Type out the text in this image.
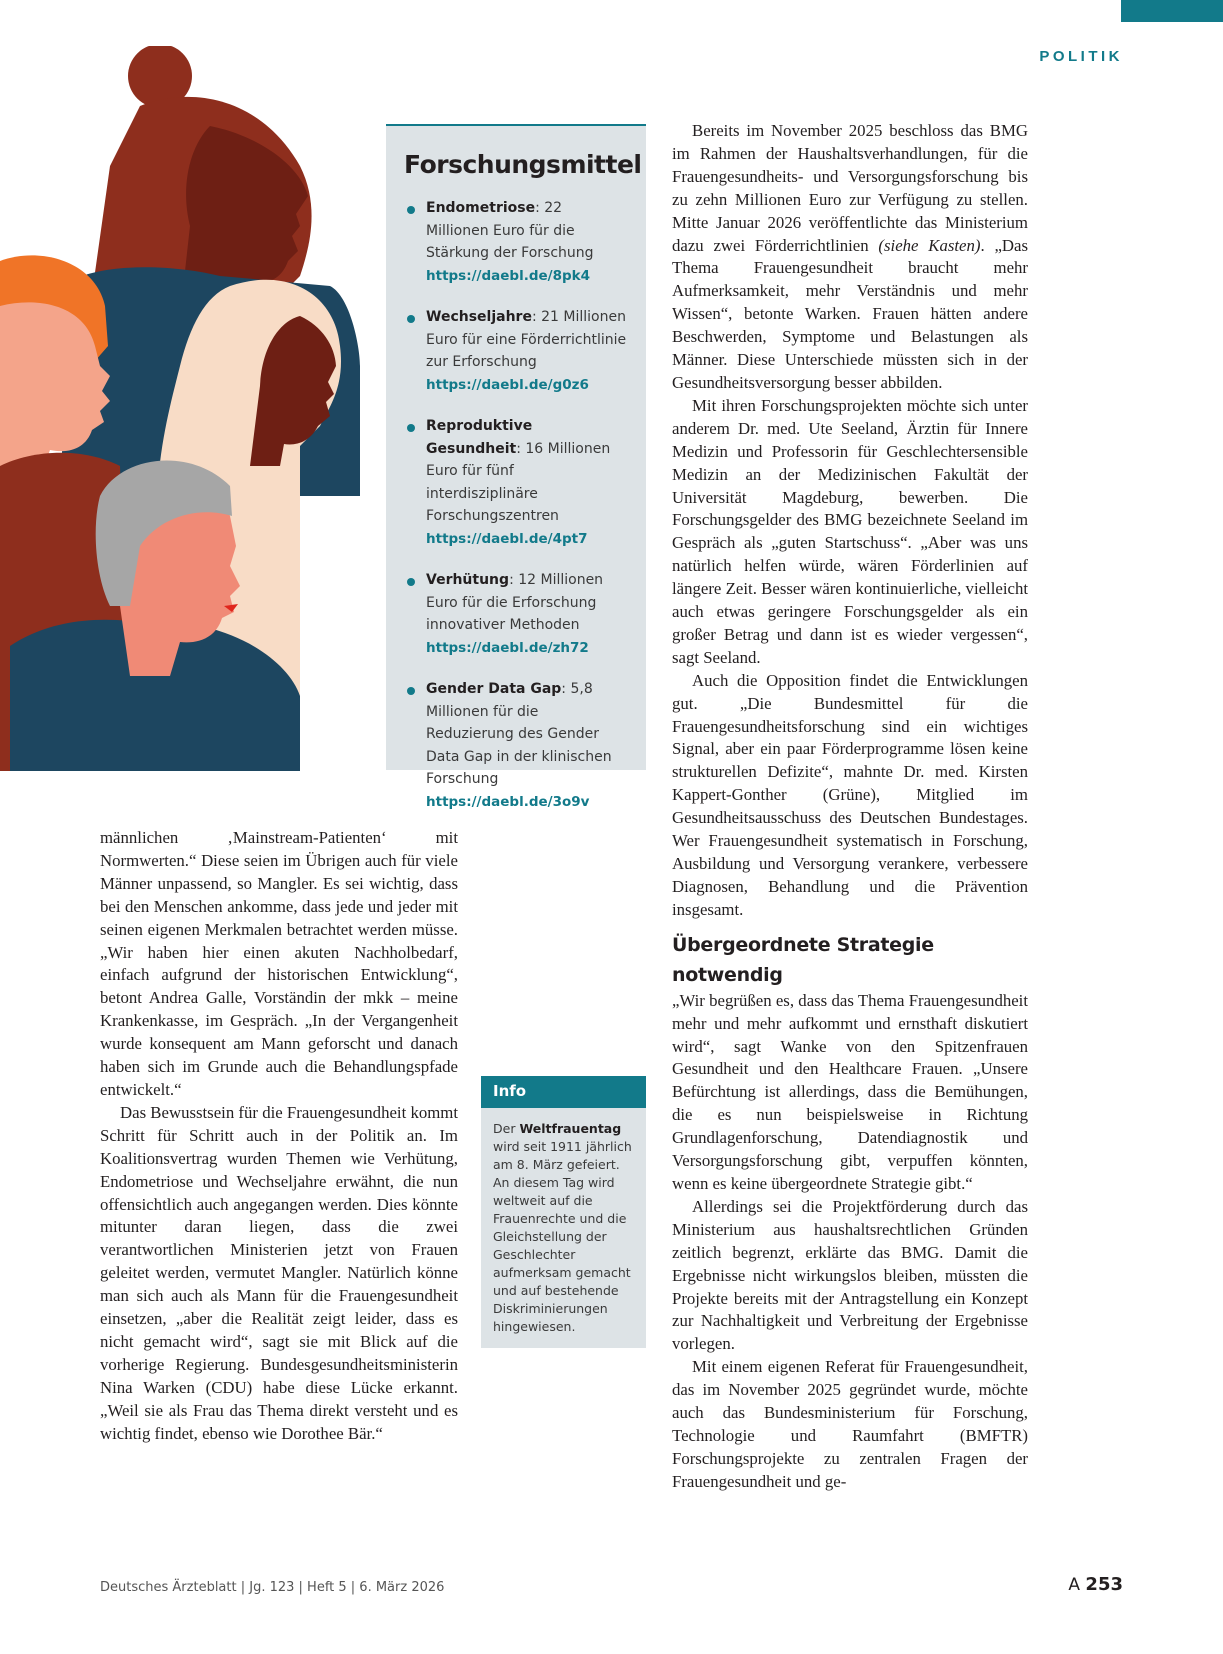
POLITIK
Forschungsmittel
Endometriose: 22 Millionen Euro für die Stärkung der Forschung
https://daebl.de/8pk4
Wechseljahre: 21 Millionen Euro für eine Förderrichtlinie zur Erforschung
https://daebl.de/g0z6
Reproduktive Gesundheit: 16 Millionen Euro für fünf interdisziplinäre Forschungszentren
https://daebl.de/4pt7
Verhütung: 12 Millionen Euro für die Erforschung innovativer Methoden
https://daebl.de/zh72
Gender Data Gap: 5,8 Millionen für die Reduzierung des Gender Data Gap in der klinischen Forschung
https://daebl.de/3o9v

männlichen ‚Mainstream-Patienten‘ mit Normwerten.“ Diese seien im Übrigen auch für viele Männer unpassend, so Mangler. Es sei wichtig, dass bei den Menschen ankomme, dass jede und jeder mit seinen eigenen Merkmalen betrachtet werden müsse. „Wir haben hier einen akuten Nachholbedarf, einfach aufgrund der historischen Entwicklung“, betont Andrea Galle, Vorständin der mkk – meine Krankenkasse, im Gespräch. „In der Vergangenheit wurde konsequent am Mann geforscht und danach haben sich im Grunde auch die Behandlungspfade entwickelt.“

Das Bewusstsein für die Frauengesundheit kommt Schritt für Schritt auch in der Politik an. Im Koalitionsvertrag wurden Themen wie Verhütung, Endometriose und Wechseljahre erwähnt, die nun offensichtlich auch angegangen werden. Dies könnte mitunter daran liegen, dass die zwei verantwortlichen Ministerien jetzt von Frauen geleitet werden, vermutet Mangler. Natürlich könne man sich auch als Mann für die Frauengesundheit einsetzen, „aber die Realität zeigt leider, dass es nicht gemacht wird“, sagt sie mit Blick auf die vorherige Regierung. Bundesgesundheitsministerin Nina Warken (CDU) habe diese Lücke erkannt. „Weil sie als Frau das Thema direkt versteht und es wichtig findet, ebenso wie Dorothee Bär.“

Info
Der Weltfrauentag wird seit 1911 jährlich am 8. März gefeiert. An diesem Tag wird weltweit auf die Frauenrechte und die Gleichstellung der Geschlechter aufmerksam gemacht und auf bestehende Diskriminierungen hingewiesen.

Bereits im November 2025 beschloss das BMG im Rahmen der Haushaltsverhandlungen, für die Frauengesundheits- und Versorgungsforschung bis zu zehn Millionen Euro zur Verfügung zu stellen. Mitte Januar 2026 veröffentlichte das Ministerium dazu zwei Förderrichtlinien (siehe Kasten). „Das Thema Frauengesundheit braucht mehr Aufmerksamkeit, mehr Verständnis und mehr Wissen“, betonte Warken. Frauen hätten andere Beschwerden, Symptome und Belastungen als Männer. Diese Unterschiede müssten sich in der Gesundheitsversorgung besser abbilden.

Mit ihren Forschungsprojekten möchte sich unter anderem Dr. med. Ute Seeland, Ärztin für Innere Medizin und Professorin für Geschlechtersensible Medizin an der Medizinischen Fakultät der Universität Magdeburg, bewerben. Die Forschungsgelder des BMG bezeichnete Seeland im Gespräch als „guten Startschuss“. „Aber was uns natürlich helfen würde, wären Förderlinien auf längere Zeit. Besser wären kontinuierliche, vielleicht auch etwas geringere Forschungsgelder als ein großer Betrag und dann ist es wieder vergessen“, sagt Seeland.

Auch die Opposition findet die Entwicklungen gut. „Die Bundesmittel für die Frauengesundheitsforschung sind ein wichtiges Signal, aber ein paar Förderprogramme lösen keine strukturellen Defizite“, mahnte Dr. med. Kirsten Kappert-Gonther (Grüne), Mitglied im Gesundheitsausschuss des Deutschen Bundestages. Wer Frauengesundheit systematisch in Forschung, Ausbildung und Versorgung verankere, verbessere Diagnosen, Behandlung und die Prävention insgesamt.

Übergeordnete Strategie notwendig

„Wir begrüßen es, dass das Thema Frauengesundheit mehr und mehr aufkommt und ernsthaft diskutiert wird“, sagt Wanke von den Spitzenfrauen Gesundheit und den Healthcare Frauen. „Unsere Befürchtung ist allerdings, dass die Bemühungen, die es nun beispielsweise in Richtung Grundlagenforschung, Datendiagnostik und Versorgungsforschung gibt, verpuffen könnten, wenn es keine übergeordnete Strategie gibt.“

Allerdings sei die Projektförderung durch das Ministerium aus haushaltsrechtlichen Gründen zeitlich begrenzt, erklärte das BMG. Damit die Ergebnisse nicht wirkungslos bleiben, müssten die Projekte bereits mit der Antragstellung ein Konzept zur Nachhaltigkeit und Verbreitung der Ergebnisse vorlegen.

Mit einem eigenen Referat für Frauengesundheit, das im November 2025 gegründet wurde, möchte auch das Bundesministerium für Forschung, Technologie und Raumfahrt (BMFTR) Forschungsprojekte zu zentralen Fragen der Frauengesundheit und ge-

Deutsches Ärzteblatt | Jg. 123 | Heft 5 | 6. März 2026	A 253
